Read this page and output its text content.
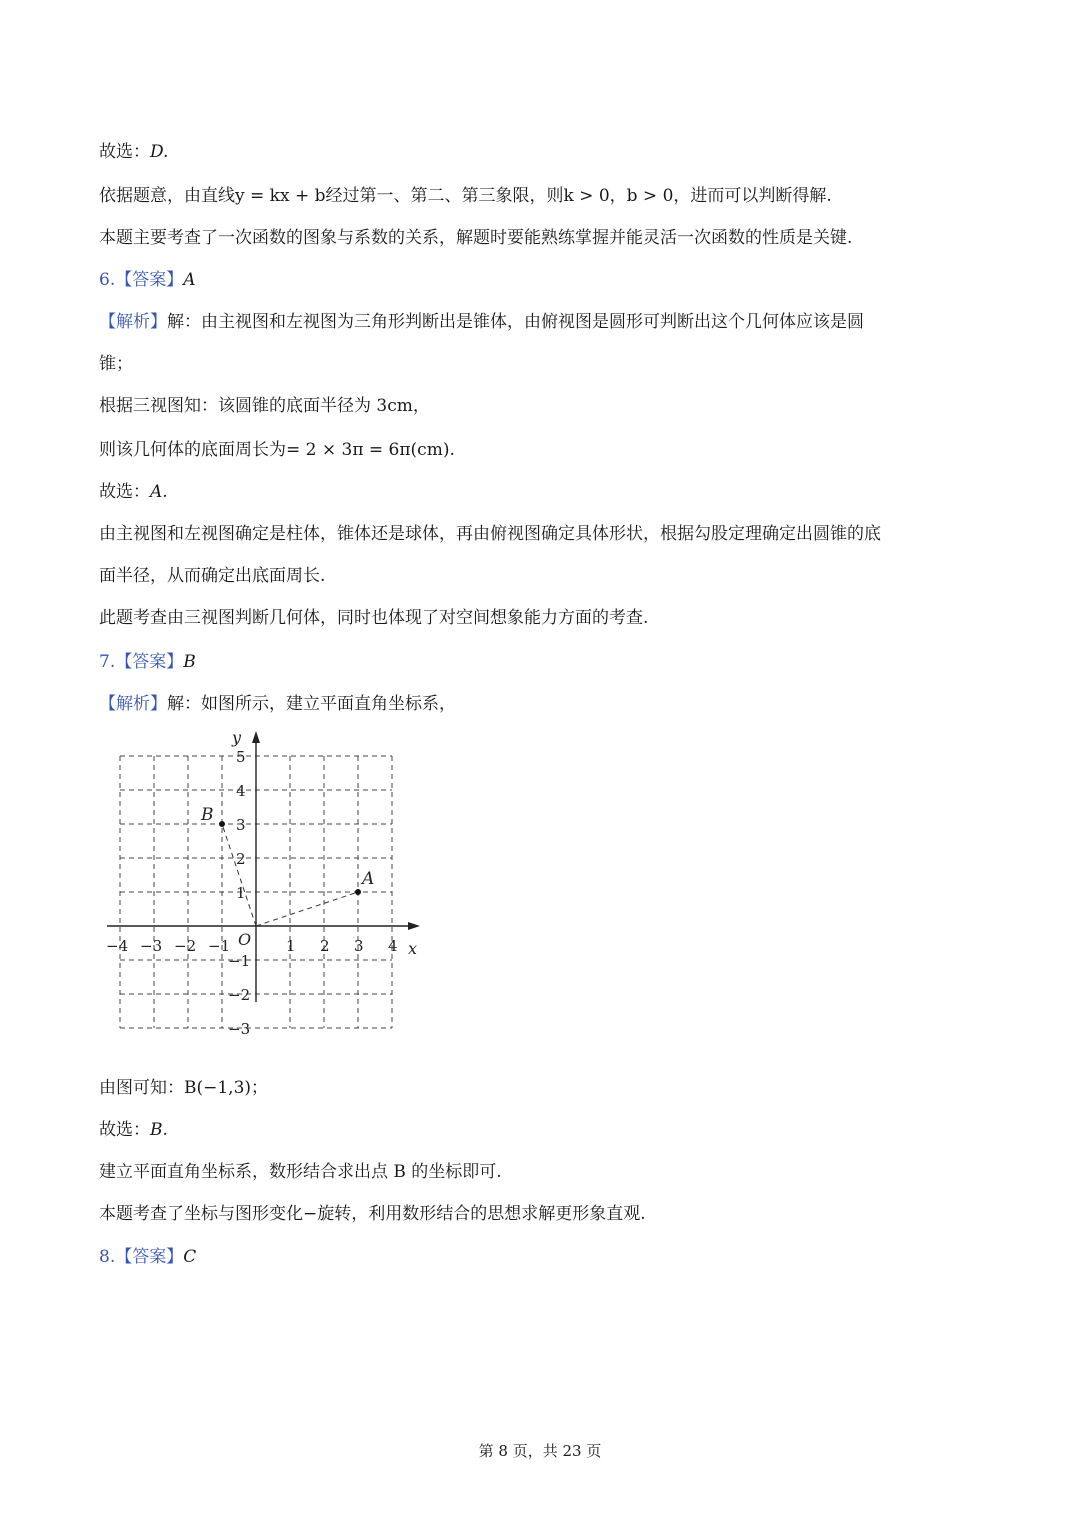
故选：D.
依据题意，由直线y = kx + b经过第一、第二、第三象限，则k > 0，b > 0，进而可以判断得解.
本题主要考查了一次函数的图象与系数的关系，解题时要能熟练掌握并能灵活一次函数的性质是关键.
6.【答案】A
【解析】解：由主视图和左视图为三角形判断出是锥体，由俯视图是圆形可判断出这个几何体应该是圆
锥；
根据三视图知：该圆锥的底面半径为 3cm，
则该几何体的底面周长为= 2 × 3π = 6π(cm).
故选：A.
由主视图和左视图确定是柱体，锥体还是球体，再由俯视图确定具体形状，根据勾股定理确定出圆锥的底
面半径，从而确定出底面周长.
此题考查由三视图判断几何体，同时也体现了对空间想象能力方面的考查.
7.【答案】B
【解析】解：如图所示，建立平面直角坐标系，
x
y
O
−4 −3 −2 −1	1 2 3 4
5
4
3
2
1
−1
−2
−3
A
B
由图可知：B(−1,3)；
故选：B.
建立平面直角坐标系，数形结合求出点 B 的坐标即可.
本题考查了坐标与图形变化−旋转，利用数形结合的思想求解更形象直观.
8.【答案】C
第 8 页，共 23 页
